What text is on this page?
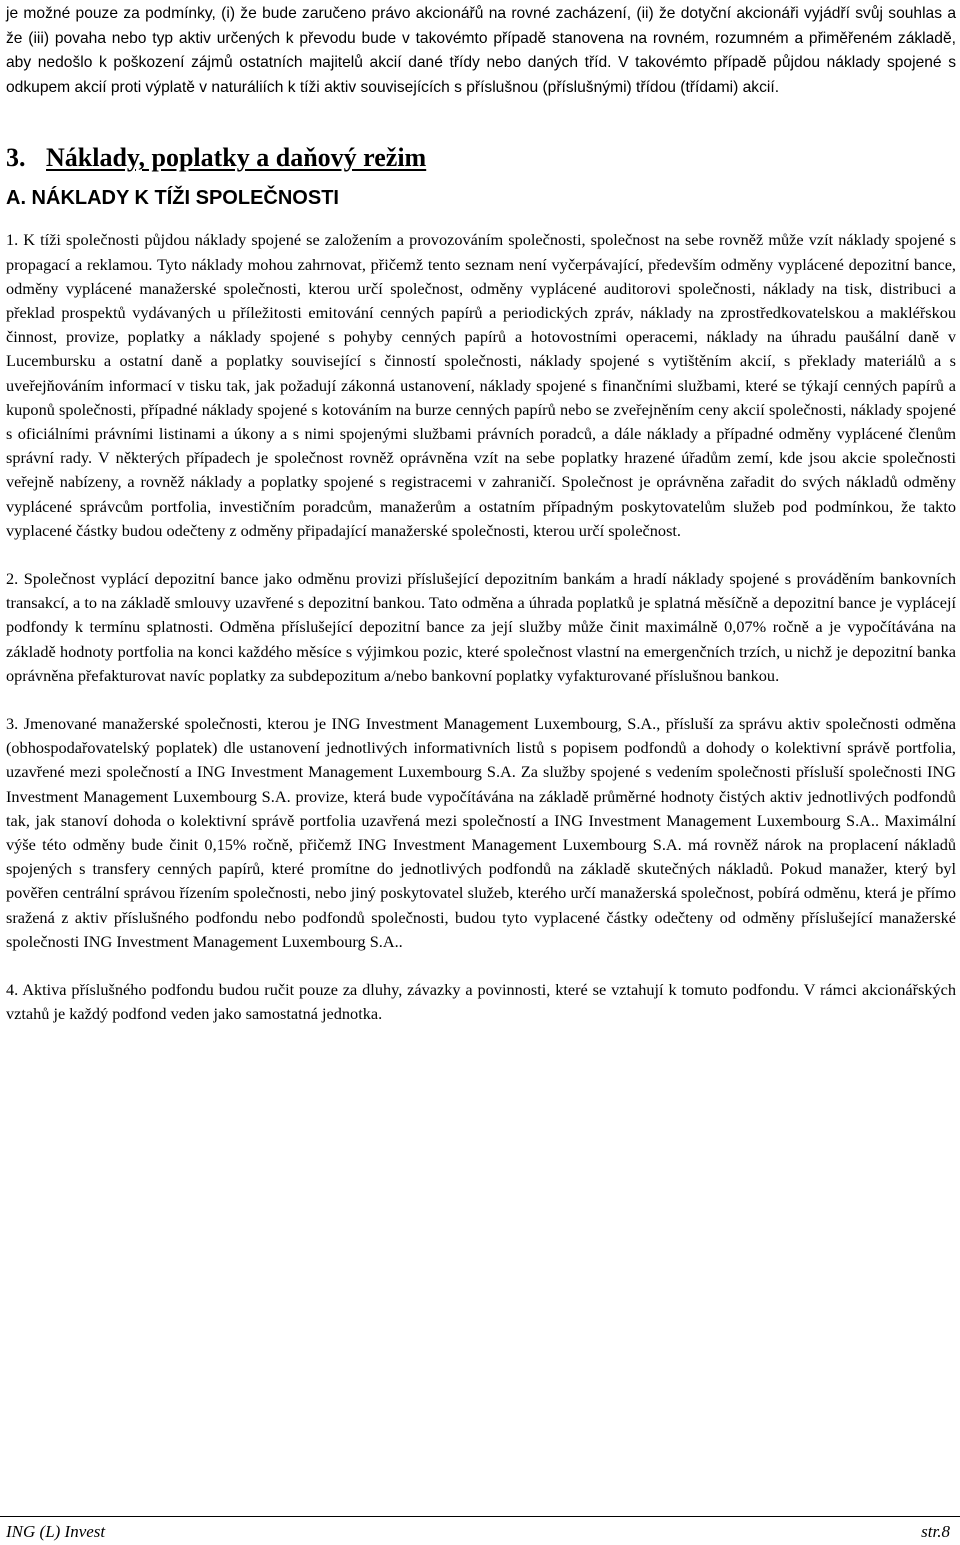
je možné pouze za podmínky, (i) že bude zaručeno právo akcionářů na rovné zacházení, (ii) že dotyční akcionáři vyjádří svůj souhlas a že (iii) povaha nebo typ aktiv určených k převodu bude v takovémto případě stanovena na rovném, rozumném a přiměřeném základě, aby nedošlo k poškození zájmů ostatních majitelů akcií dané třídy nebo daných tříd. V takovémto případě půjdou náklady spojené s odkupem akcií proti výplatě v naturáliích k tíži aktiv souvisejících s příslušnou (příslušnými) třídou (třídami) akcií.

3. Náklady, poplatky a daňový režim
A. NÁKLADY K TÍŽI SPOLEČNOSTI

1. K tíži společnosti půjdou náklady spojené se založením a provozováním společnosti, společnost na sebe rovněž může vzít náklady spojené s propagací a reklamou. Tyto náklady mohou zahrnovat, přičemž tento seznam není vyčerpávající, především odměny vyplácené depozitní bance, odměny vyplácené manažerské společnosti, kterou určí společnost, odměny vyplácené auditorovi společnosti, náklady na tisk, distribuci a překlad prospektů vydávaných u příležitosti emitování cenných papírů a periodických zpráv, náklady na zprostředkovatelskou a makléřskou činnost, provize, poplatky a náklady spojené s pohyby cenných papírů a hotovostními operacemi, náklady na úhradu paušální daně v Lucembursku a ostatní daně a poplatky související s činností společnosti, náklady spojené s vytištěním akcií, s překlady materiálů a s uveřejňováním informací v tisku tak, jak požadují zákonná ustanovení, náklady spojené s finančními službami, které se týkají cenných papírů a kuponů společnosti, případné náklady spojené s kotováním na burze cenných papírů nebo se zveřejněním ceny akcií společnosti, náklady spojené s oficiálními právními listinami a úkony a s nimi spojenými službami právních poradců, a dále náklady a případné odměny vyplácené členům správní rady. V některých případech je společnost rovněž oprávněna vzít na sebe poplatky hrazené úřadům zemí, kde jsou akcie společnosti veřejně nabízeny, a rovněž náklady a poplatky spojené s registracemi v zahraničí. Společnost je oprávněna zařadit do svých nákladů odměny vyplácené správcům portfolia, investičním poradcům, manažerům a ostatním případným poskytovatelům služeb pod podmínkou, že takto vyplacené částky budou odečteny z odměny připadající manažerské společnosti, kterou určí společnost.

2. Společnost vyplácí depozitní bance jako odměnu provizi příslušející depozitním bankám a hradí náklady spojené s prováděním bankovních transakcí, a to na základě smlouvy uzavřené s depozitní bankou. Tato odměna a úhrada poplatků je splatná měsíčně a depozitní bance je vyplácejí podfondy k termínu splatnosti. Odměna příslušející depozitní bance za její služby může činit maximálně 0,07% ročně a je vypočítávána na základě hodnoty portfolia na konci každého měsíce s výjimkou pozic, které společnost vlastní na emergenčních trzích, u nichž je depozitní banka oprávněna přefakturovat navíc poplatky za subdepozitum a/nebo bankovní poplatky vyfakturované příslušnou bankou.

3. Jmenované manažerské společnosti, kterou je ING Investment Management Luxembourg, S.A., přísluší za správu aktiv společnosti odměna (obhospodařovatelský poplatek) dle ustanovení jednotlivých informativních listů s popisem podfondů a dohody o kolektivní správě portfolia, uzavřené mezi společností a ING Investment Management Luxembourg S.A. Za služby spojené s vedením společnosti přísluší společnosti ING Investment Management Luxembourg S.A. provize, která bude vypočítávána na základě průměrné hodnoty čistých aktiv jednotlivých podfondů tak, jak stanoví dohoda o kolektivní správě portfolia uzavřená mezi společností a ING Investment Management Luxembourg S.A.. Maximální výše této odměny bude činit 0,15% ročně, přičemž ING Investment Management Luxembourg S.A. má rovněž nárok na proplacení nákladů spojených s transfery cenných papírů, které promítne do jednotlivých podfondů na základě skutečných nákladů. Pokud manažer, který byl pověřen centrální správou řízením společnosti, nebo jiný poskytovatel služeb, kterého určí manažerská společnost, pobírá odměnu, která je přímo sražená z aktiv příslušného podfondu nebo podfondů společnosti, budou tyto vyplacené částky odečteny od odměny příslušející manažerské společnosti ING Investment Management Luxembourg S.A..

4. Aktiva příslušného podfondu budou ručit pouze za dluhy, závazky a povinnosti, které se vztahují k tomuto podfondu. V rámci akcionářských vztahů je každý podfond veden jako samostatná jednotka.

ING (L) Invest	str.8
